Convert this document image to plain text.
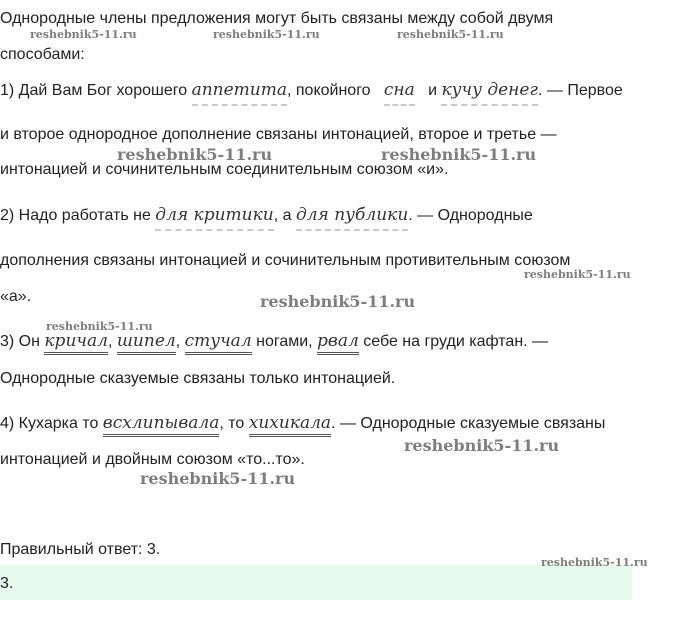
Однородные члены предложения могут быть связаны между собой двумя
способами:
1) Дай Вам Бог хорошего аппетита, покойного   сна   и кучу денег. — Первое
и второе однородное дополнение связаны интонацией, второе и третье —
интонацией и сочинительным соединительным союзом «и».
2) Надо работать не для критики, а для публики. — Однородные
дополнения связаны интонацией и сочинительным противительным союзом
«а».
3) Он кричал, шипел, стучал ногами, рвал себе на груди кафтан. —
Однородные сказуемые связаны только интонацией.
4) Кухарка то всхлипывала, то хихикала. — Однородные сказуемые связаны
интонацией и двойным союзом «то...то».
Правильный ответ: 3.
3.
reshebnik5-11.ru	reshebnik5-11.ru	reshebnik5-11.ru
reshebnik5-11.ru	reshebnik5-11.ru
reshebnik5-11.ru
reshebnik5-11.ru
reshebnik5-11.ru
reshebnik5-11.ru
reshebnik5-11.ru
reshebnik5-11.ru
